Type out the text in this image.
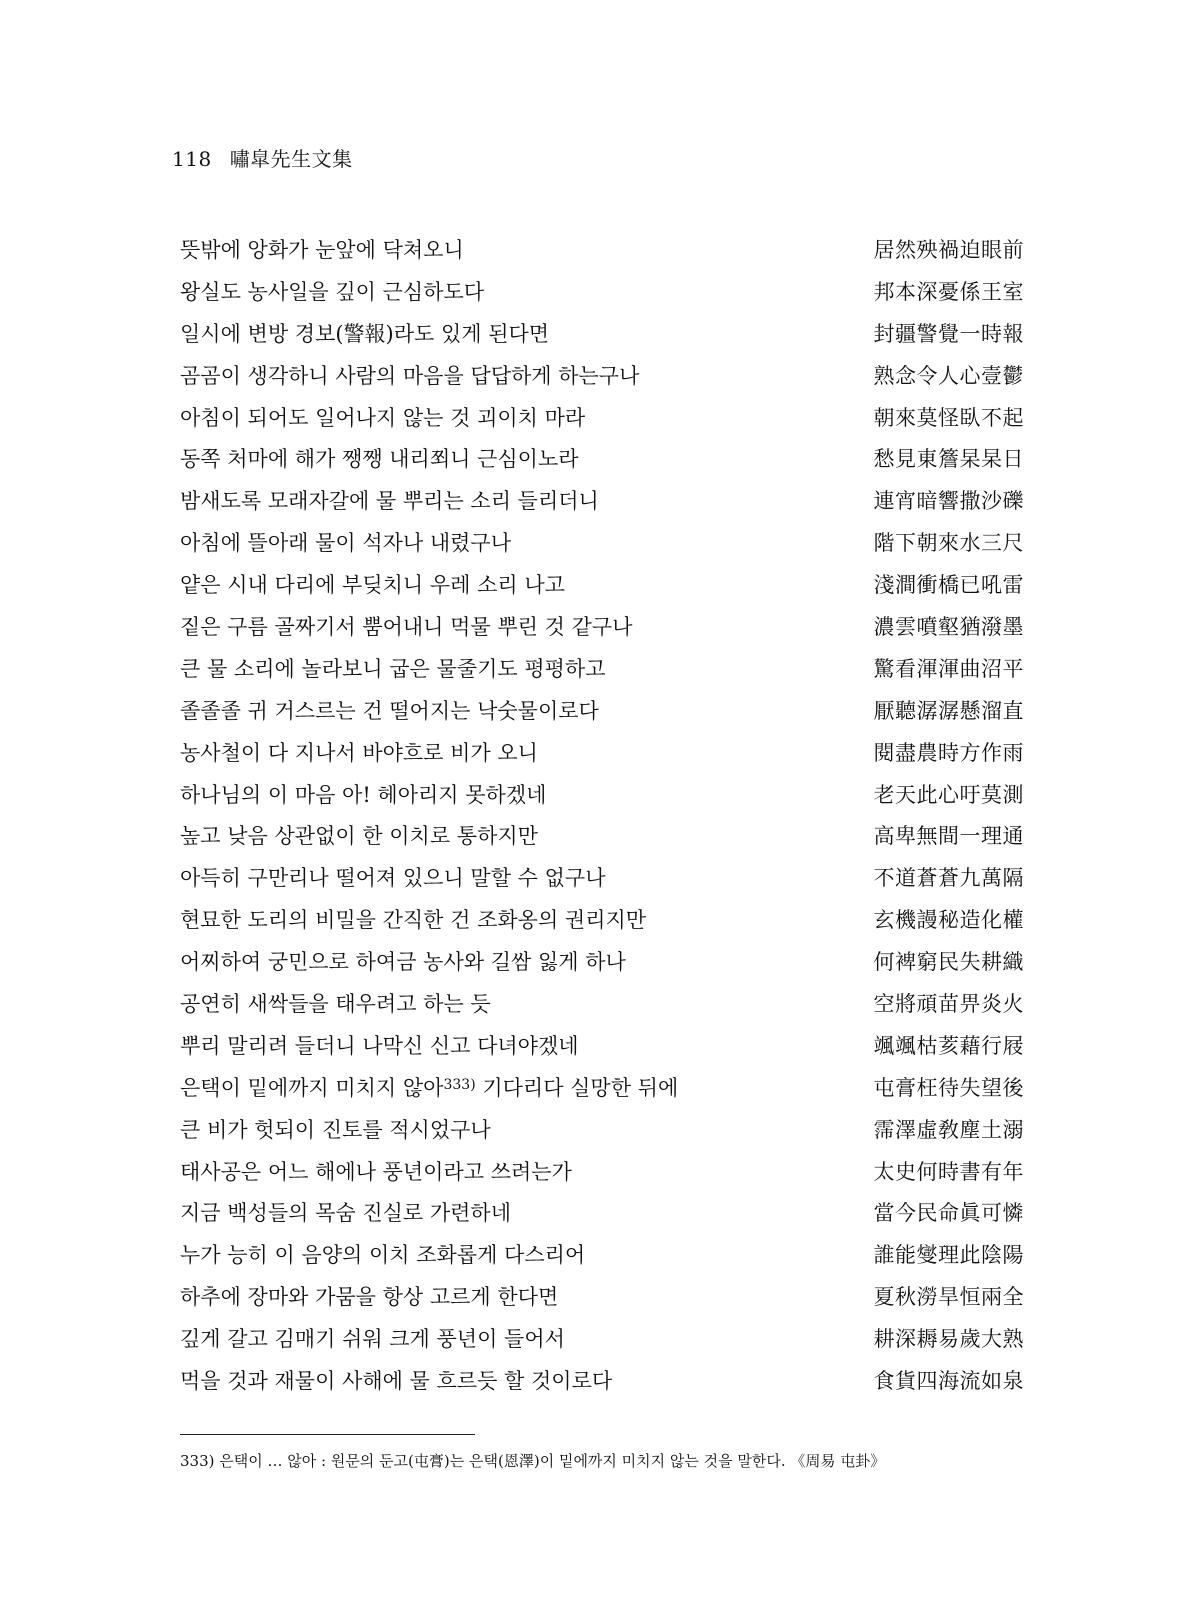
118 嘯皐先生文集
뜻밖에 앙화가 눈앞에 닥쳐오니	居然殃禍迫眼前
왕실도 농사일을 깊이 근심하도다	邦本深憂係王室
일시에 변방 경보(警報)라도 있게 된다면	封疆警覺一時報
곰곰이 생각하니 사람의 마음을 답답하게 하는구나	熟念令人心壹鬱
아침이 되어도 일어나지 않는 것 괴이치 마라	朝來莫怪臥不起
동쪽 처마에 해가 쨍쨍 내리쬐니 근심이노라	愁見東簷杲杲日
밤새도록 모래자갈에 물 뿌리는 소리 들리더니	連宵暗響撒沙礫
아침에 뜰아래 물이 석자나 내렸구나	階下朝來水三尺
얕은 시내 다리에 부딪치니 우레 소리 나고	淺澗衝橋已吼雷
짙은 구름 골짜기서 뿜어내니 먹물 뿌린 것 같구나	濃雲噴壑猶潑墨
큰 물 소리에 놀라보니 굽은 물줄기도 평평하고	驚看渾渾曲沼平
졸졸졸 귀 거스르는 건 떨어지는 낙숫물이로다	厭聽潺潺懸溜直
농사철이 다 지나서 바야흐로 비가 오니	閱盡農時方作雨
하나님의 이 마음 아! 헤아리지 못하겠네	老天此心吁莫測
높고 낮음 상관없이 한 이치로 통하지만	高卑無間一理通
아득히 구만리나 떨어져 있으니 말할 수 없구나	不道蒼蒼九萬隔
현묘한 도리의 비밀을 간직한 건 조화옹의 권리지만	玄機謾秘造化權
어찌하여 궁민으로 하여금 농사와 길쌈 잃게 하나	何裨窮民失耕織
공연히 새싹들을 태우려고 하는 듯	空將頑苗畀炎火
뿌리 말리려 들더니 나막신 신고 다녀야겠네	颯颯枯荄藉行屐
은택이 밑에까지 미치지 않아$^{333)}$ 기다리다 실망한 뒤에	屯膏枉待失望後
큰 비가 헛되이 진토를 적시었구나	霈澤虛敎塵土溺
태사공은 어느 해에나 풍년이라고 쓰려는가	太史何時書有年
지금 백성들의 목숨 진실로 가련하네	當今民命眞可憐
누가 능히 이 음양의 이치 조화롭게 다스리어	誰能燮理此陰陽
하추에 장마와 가뭄을 항상 고르게 한다면	夏秋澇旱恒兩全
깊게 갈고 김매기 쉬워 크게 풍년이 들어서	耕深耨易歲大熟
먹을 것과 재물이 사해에 물 흐르듯 할 것이로다	食貨四海流如泉
333) 은택이 … 않아 : 원문의 둔고(屯膏)는 은택(恩澤)이 밑에까지 미치지 않는 것을 말한다. 《周易 屯卦》
